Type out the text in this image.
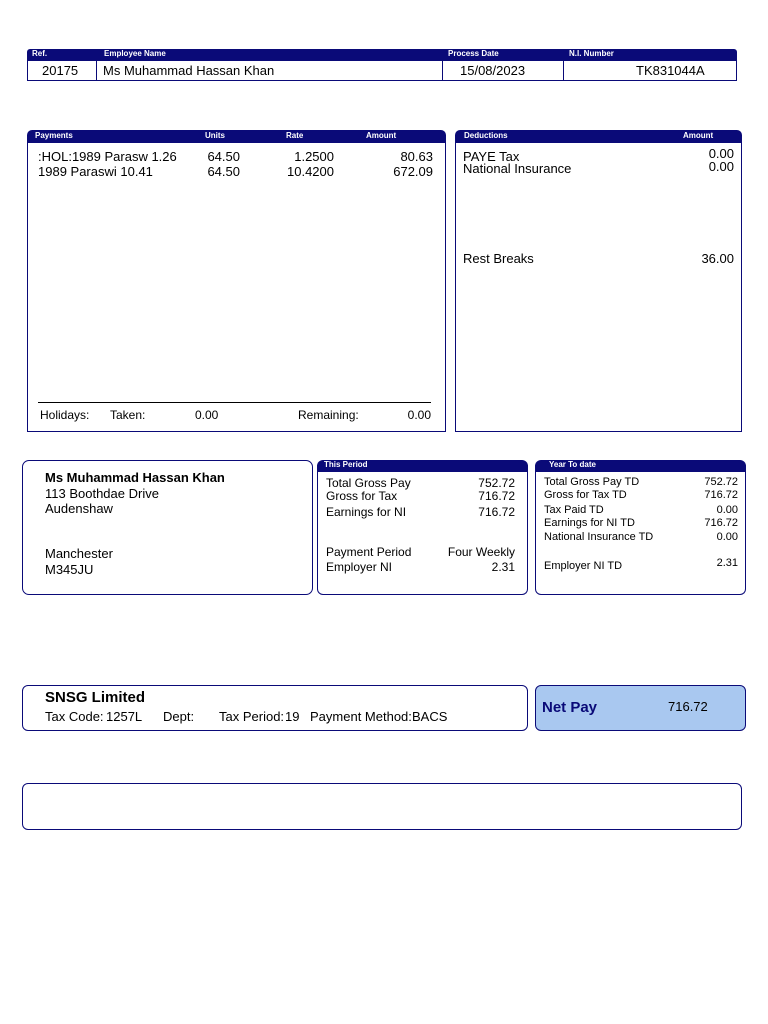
Ref.	Employee Name	Process Date	N.I. Number
20175 Ms Muhammad Hassan Khan	15/08/2023	TK831044A
Payments	Units	Rate	Amount
:HOL:1989 Parasw 1.26	64.50	1.2500	80.63
1989 Paraswi 10.41	64.50	10.4200	672.09
Holidays: Taken:	0.00	Remaining:	0.00
Deductions	Amount
PAYE Tax	0.00
National Insurance	0.00
Rest Breaks	36.00
Ms Muhammad Hassan Khan
113 Boothdae Drive
Audenshaw
Manchester
M345JU
This Period
Total Gross Pay	752.72
Gross for Tax	716.72
Earnings for NI	716.72
Payment Period	Four Weekly
Employer NI	2.31
Year To date
Total Gross Pay TD	752.72
Gross for Tax TD	716.72
Tax Paid TD	0.00
Earnings for NI TD	716.72
National Insurance TD	0.00
Employer NI TD	2.31
SNSG Limited
Tax Code: 1257L Dept: Tax Period: 19 Payment Method: BACS
Net Pay	716.72
